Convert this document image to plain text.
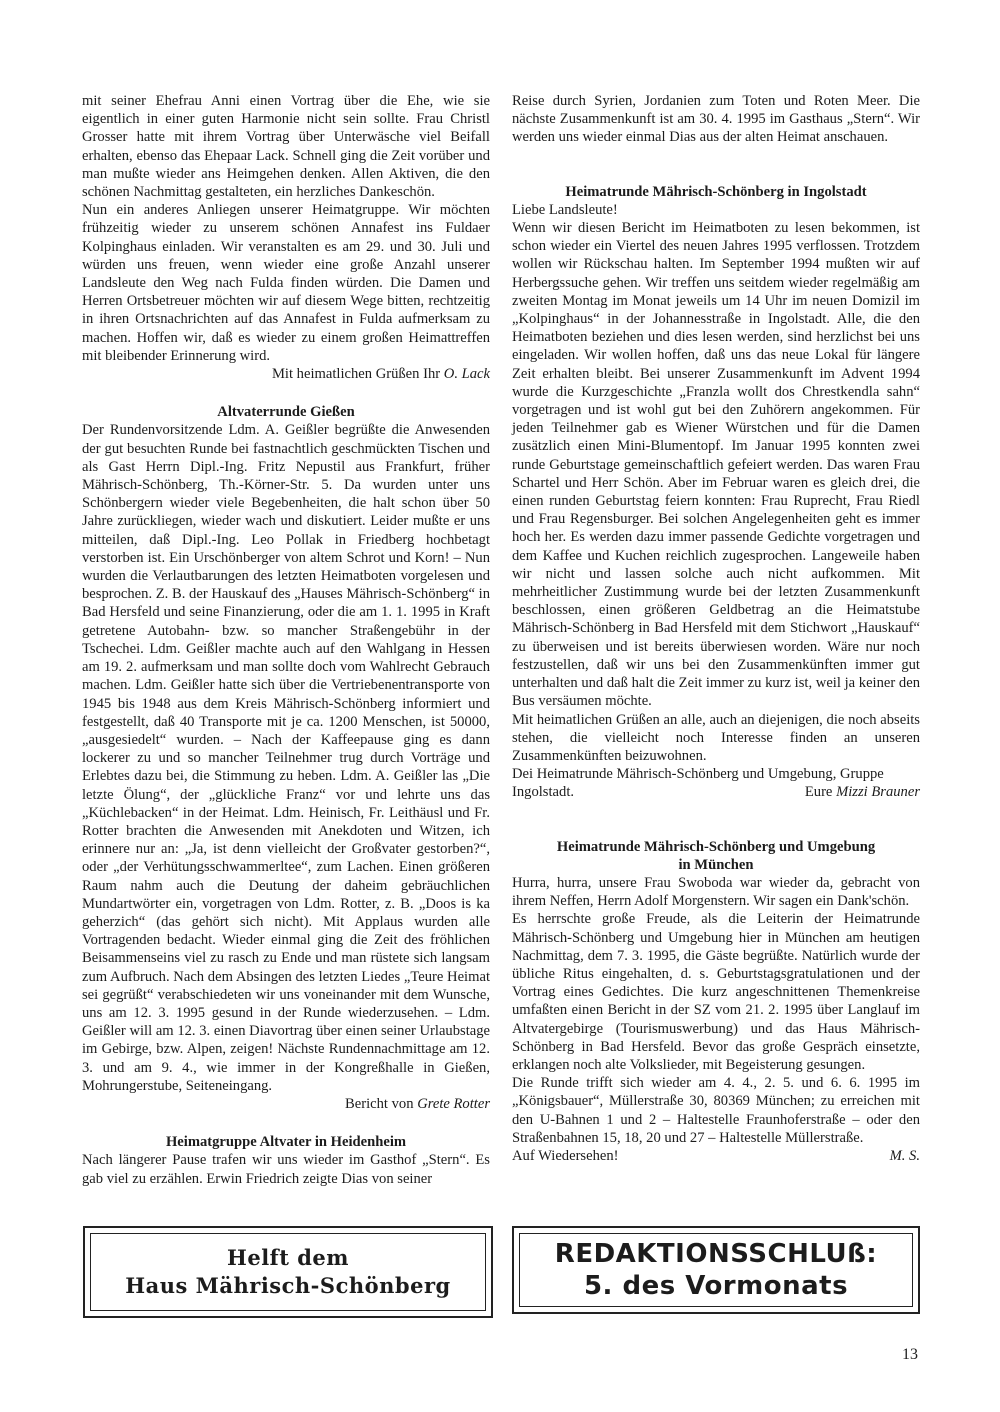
mit seiner Ehefrau Anni einen Vortrag über die Ehe, wie sie eigentlich in einer guten Harmonie nicht sein sollte. Frau Christl Grosser hatte mit ihrem Vortrag über Unterwäsche viel Beifall erhalten, ebenso das Ehepaar Lack. Schnell ging die Zeit vorüber und man mußte wieder ans Heimgehen denken. Allen Aktiven, die den schönen Nachmittag gestalteten, ein herzliches Dankeschön.

Nun ein anderes Anliegen unserer Heimatgruppe. Wir möchten frühzeitig wieder zu unserem schönen Annafest ins Fuldaer Kolpinghaus einladen. Wir veranstalten es am 29. und 30. Juli und würden uns freuen, wenn wieder eine große Anzahl unserer Landsleute den Weg nach Fulda finden würden. Die Damen und Herren Ortsbetreuer möchten wir auf diesem Wege bitten, rechtzeitig in ihren Ortsnachrichten auf das Annafest in Fulda aufmerksam zu machen. Hoffen wir, daß es wieder zu einem großen Heimattreffen mit bleibender Erinnerung wird.

Mit heimatlichen Grüßen Ihr O. Lack
Altvaterrunde Gießen

Der Rundenvorsitzende Ldm. A. Geißler begrüßte die Anwesenden der gut besuchten Runde bei fastnachtlich geschmückten Tischen und als Gast Herrn Dipl.-Ing. Fritz Nepustil aus Frankfurt, früher Mährisch-Schönberg, Th.-Körner-Str. 5. Da wurden unter uns Schönbergern wieder viele Begebenheiten, die halt schon über 50 Jahre zurückliegen, wieder wach und diskutiert. Leider mußte er uns mitteilen, daß Dipl.-Ing. Leo Pollak in Friedberg hochbetagt verstorben ist. Ein Urschönberger von altem Schrot und Korn! – Nun wurden die Verlautbarungen des letzten Heimatboten vorgelesen und besprochen. Z. B. der Hauskauf des „Hauses Mährisch-Schönberg“ in Bad Hersfeld und seine Finanzierung, oder die am 1. 1. 1995 in Kraft getretene Autobahn- bzw. so mancher Straßengebühr in der Tschechei. Ldm. Geißler machte auch auf den Wahlgang in Hessen am 19. 2. aufmerksam und man sollte doch vom Wahlrecht Gebrauch machen. Ldm. Geißler hatte sich über die Vertriebenentransporte von 1945 bis 1948 aus dem Kreis Mährisch-Schönberg informiert und festgestellt, daß 40 Transporte mit je ca. 1200 Menschen, ist 50000, „ausgesiedelt“ wurden. – Nach der Kaffeepause ging es dann lockerer zu und so mancher Teilnehmer trug durch Vorträge und Erlebtes dazu bei, die Stimmung zu heben. Ldm. A. Geißler las „Die letzte Ölung“, der „glückliche Franz“ vor und lehrte uns das „Küchlebacken“ in der Heimat. Ldm. Heinisch, Fr. Leithäusl und Fr. Rotter brachten die Anwesenden mit Anekdoten und Witzen, ich erinnere nur an: „Ja, ist denn vielleicht der Großvater gestorben?“, oder „der Verhütungsschwammerltee“, zum Lachen. Einen größeren Raum nahm auch die Deutung der daheim gebräuchlichen Mundartwörter ein, vorgetragen von Ldm. Rotter, z. B. „Doos is ka geherzich“ (das gehört sich nicht). Mit Applaus wurden alle Vortragenden bedacht. Wieder einmal ging die Zeit des fröhlichen Beisammenseins viel zu rasch zu Ende und man rüstete sich langsam zum Aufbruch. Nach dem Absingen des letzten Liedes „Teure Heimat sei gegrüßt“ verabschiedeten wir uns voneinander mit dem Wunsche, uns am 12. 3. 1995 gesund in der Runde wiederzusehen. – Ldm. Geißler will am 12. 3. einen Diavortrag über einen seiner Urlaubstage im Gebirge, bzw. Alpen, zeigen! Nächste Rundennachmittage am 12. 3. und am 9. 4., wie immer in der Kongreßhalle in Gießen, Mohrungerstube, Seiteneingang.

Bericht von Grete Rotter
Heimatgruppe Altvater in Heidenheim

Nach längerer Pause trafen wir uns wieder im Gasthof „Stern“. Es gab viel zu erzählen. Erwin Friedrich zeigte Dias von seiner

Reise durch Syrien, Jordanien zum Toten und Roten Meer. Die nächste Zusammenkunft ist am 30. 4. 1995 im Gasthaus „Stern“. Wir werden uns wieder einmal Dias aus der alten Heimat anschauen.

Heimatrunde Mährisch-Schönberg in Ingolstadt

Liebe Landsleute!

Wenn wir diesen Bericht im Heimatboten zu lesen bekommen, ist schon wieder ein Viertel des neuen Jahres 1995 verflossen. Trotzdem wollen wir Rückschau halten. Im September 1994 mußten wir auf Herbergssuche gehen. Wir treffen uns seitdem wieder regelmäßig am zweiten Montag im Monat jeweils um 14 Uhr im neuen Domizil im „Kolpinghaus“ in der Johannesstraße in Ingolstadt. Alle, die den Heimatboten beziehen und dies lesen werden, sind herzlichst bei uns eingeladen. Wir wollen hoffen, daß uns das neue Lokal für längere Zeit erhalten bleibt. Bei unserer Zusammenkunft im Advent 1994 wurde die Kurzgeschichte „Franzla wollt dos Chrestkendla sahn“ vorgetragen und ist wohl gut bei den Zuhörern angekommen. Für jeden Teilnehmer gab es Wiener Würstchen und für die Damen zusätzlich einen Mini-Blumentopf. Im Januar 1995 konnten zwei runde Geburtstage gemeinschaftlich gefeiert werden. Das waren Frau Schartel und Herr Schön. Aber im Februar waren es gleich drei, die einen runden Geburtstag feiern konnten: Frau Ruprecht, Frau Riedl und Frau Regensburger. Bei solchen Angelegenheiten geht es immer hoch her. Es werden dazu immer passende Gedichte vorgetragen und dem Kaffee und Kuchen reichlich zugesprochen. Langeweile haben wir nicht und lassen solche auch nicht aufkommen. Mit mehrheitlicher Zustimmung wurde bei der letzten Zusammenkunft beschlossen, einen größeren Geldbetrag an die Heimatstube Mährisch-Schönberg in Bad Hersfeld mit dem Stichwort „Hauskauf“ zu überweisen und ist bereits überwiesen worden. Wäre nur noch festzustellen, daß wir uns bei den Zusammenkünften immer gut unterhalten und daß halt die Zeit immer zu kurz ist, weil ja keiner den Bus versäumen möchte.

Mit heimatlichen Grüßen an alle, auch an diejenigen, die noch abseits stehen, die vielleicht noch Interesse finden an unseren Zusammenkünften beizuwohnen.

Dei Heimatrunde Mährisch-Schönberg und Umgebung, Gruppe

Ingolstadt.	Eure Mizzi Brauner
Heimatrunde Mährisch-Schönberg und Umgebung
in München

Hurra, hurra, unsere Frau Swoboda war wieder da, gebracht von ihrem Neffen, Herrn Adolf Morgenstern. Wir sagen ein Dank'schön.

Es herrschte große Freude, als die Leiterin der Heimatrunde Mährisch-Schönberg und Umgebung hier in München am heutigen Nachmittag, dem 7. 3. 1995, die Gäste begrüßte. Natürlich wurde der übliche Ritus eingehalten, d. s. Geburtstagsgratulationen und der Vortrag eines Gedichtes. Die kurz angeschnittenen Themenkreise umfaßten einen Bericht in der SZ vom 21. 2. 1995 über Langlauf im Altvatergebirge (Tourismuswerbung) und das Haus Mährisch-Schönberg in Bad Hersfeld. Bevor das große Gespräch einsetzte, erklangen noch alte Volkslieder, mit Begeisterung gesungen.

Die Runde trifft sich wieder am 4. 4., 2. 5. und 6. 6. 1995 im „Königsbauer“, Müllerstraße 30, 80369 München; zu erreichen mit den U-Bahnen 1 und 2 – Haltestelle Fraunhoferstraße – oder den Straßenbahnen 15, 18, 20 und 27 – Haltestelle Müllerstraße.

Auf Wiedersehen!	M. S.
Helft dem
Haus Mährisch-Schönberg
REDAKTIONSSCHLUß:
5. des Vormonats
13
